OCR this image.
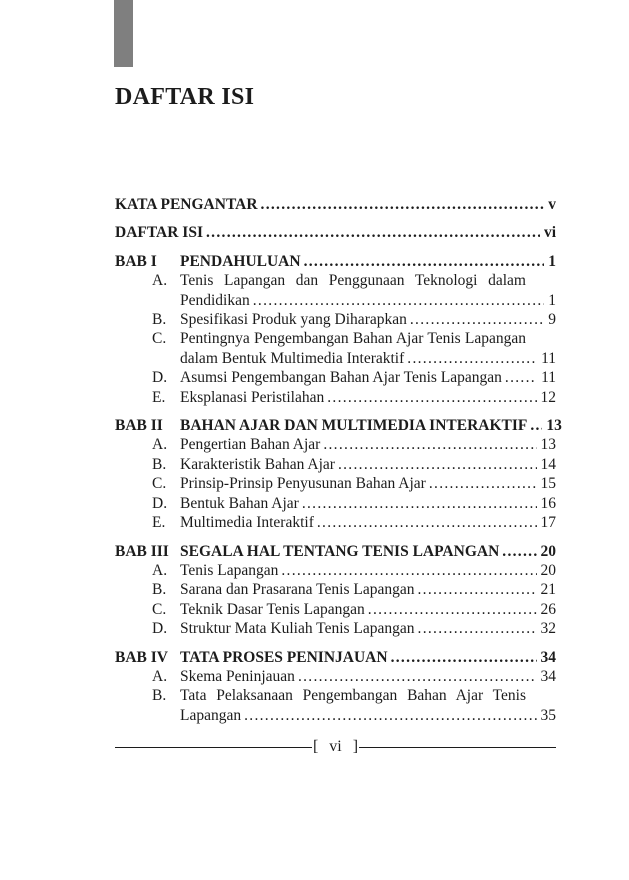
DAFTAR ISI
KATA PENGANTAR .....	v
DAFTAR ISI .....	vi
BAB I	PENDAHULUAN .....	1
A. Tenis Lapangan dan Penggunaan Teknologi dalam
Pendidikan .....	1
B. Spesifikasi Produk yang Diharapkan .....	9
C. Pentingnya Pengembangan Bahan Ajar Tenis Lapangan
dalam Bentuk Multimedia Interaktif .....	11
D. Asumsi Pengembangan Bahan Ajar Tenis Lapangan .....	11
E. Eksplanasi Peristilahan .....	12
BAB II	BAHAN AJAR DAN MULTIMEDIA INTERAKTIF ..... 13
A. Pengertian Bahan Ajar .....	13
B. Karakteristik Bahan Ajar .....	14
C. Prinsip-Prinsip Penyusunan Bahan Ajar .....	15
D. Bentuk Bahan Ajar .....	16
E. Multimedia Interaktif .....	17
BAB III SEGALA HAL TENTANG TENIS LAPANGAN .....	20
A. Tenis Lapangan .....	20
B. Sarana dan Prasarana Tenis Lapangan .....	21
C. Teknik Dasar Tenis Lapangan .....	26
D. Struktur Mata Kuliah Tenis Lapangan .....	32
BAB IV TATA PROSES PENINJAUAN .....	34
A. Skema Peninjauan .....	34
B. Tata Pelaksanaan Pengembangan Bahan Ajar Tenis
Lapangan .....	35
[ vi ]
